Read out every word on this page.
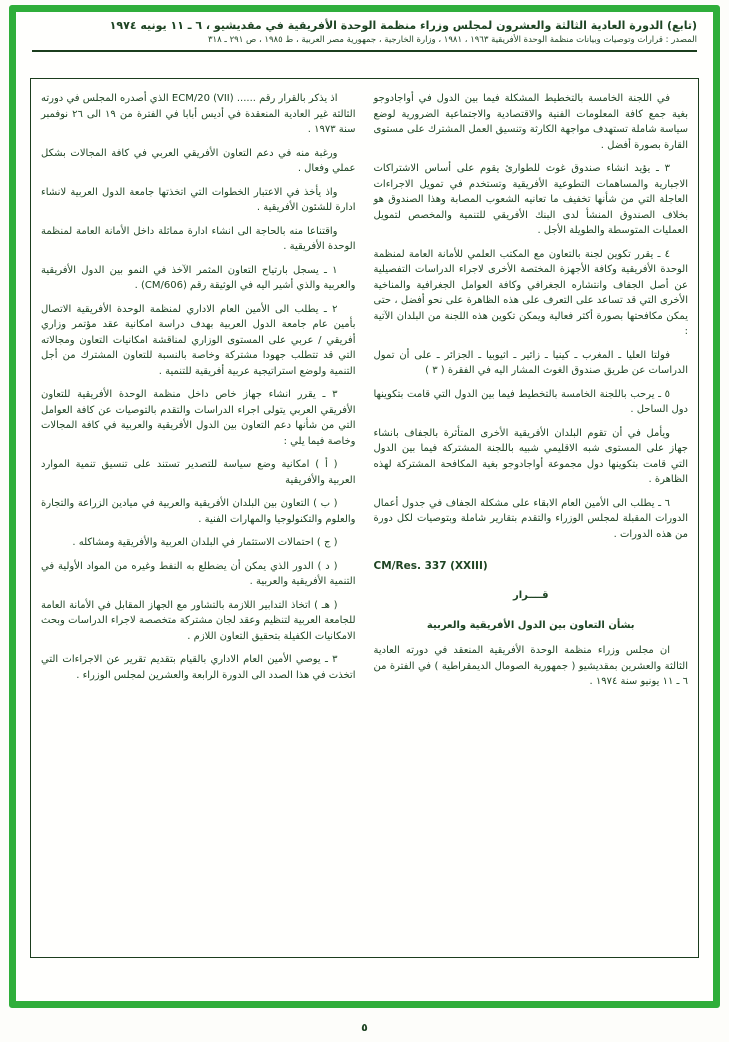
(تابع) الدورة العادية الثالثة والعشرون لمجلس وزراء منظمة الوحدة الأفريقية في مقديشيو ، ٦ ـ ١١ يونيه ١٩٧٤
المصدر : قرارات وتوصيات وبيانات منظمة الوحدة الأفريقية ١٩٦٣ ، ١٩٨١ ، وزارة الخارجية ، جمهورية مصر العربية ، ط ١٩٨٥ ، ص ٢٩١ ـ ٣١٨

في اللجنة الخامسة بالتخطيط المشكلة فيما بين الدول في أواجادوجو بغية جمع كافة المعلومات الفنية والاقتصادية والاجتماعية الضرورية لوضع سياسة شاملة تستهدف مواجهة الكارثة وتنسيق العمل المشترك على مستوى القارة بصورة أفضل .

٣ ـ يؤيد انشاء صندوق غوث للطوارئ يقوم على أساس الاشتراكات الاجبارية والمساهمات التطوعية الأفريقية وتستخدم في تمويل الاجراءات العاجلة التي من شأنها تخفيف ما تعانيه الشعوب المصابة وهذا الصندوق هو بخلاف الصندوق المنشأ لدى البنك الأفريقي للتنمية والمخصص لتمويل العمليات المتوسطة والطويلة الأجل .

٤ ـ يقرر تكوين لجنة بالتعاون مع المكتب العلمي للأمانة العامة لمنظمة الوحدة الأفريقية وكافة الأجهزة المختصة الأخرى لاجراء الدراسات التفصيلية عن أصل الجفاف وانتشاره الجغرافي وكافة العوامل الجغرافية والمناخية الأخرى التي قد تساعد على التعرف على هذه الظاهرة على نحو أفضل ، حتى يمكن مكافحتها بصورة أكثر فعالية ويمكن تكوين هذه اللجنة من البلدان الآتية :

فولتا العليا ـ المغرب ـ كينيا ـ زائير ـ اثيوبيا ـ الجزائر ـ على أن تمول الدراسات عن طريق صندوق الغوث المشار اليه في الفقرة ( ٣ )

٥ ـ يرحب باللجنة الخامسة بالتخطيط فيما بين الدول التي قامت بتكوينها دول الساحل .

ويأمل في أن تقوم البلدان الأفريقية الأخرى المتأثرة بالجفاف بانشاء جهاز على المستوى شبه الاقليمي شبيه باللجنة المشتركة فيما بين الدول التي قامت بتكوينها دول مجموعة أواجادوجو بغية المكافحة المشتركة لهذه الظاهرة .

٦ ـ يطلب الى الأمين العام الابقاء على مشكلة الجفاف في جدول أعمال الدورات المقبلة لمجلس الوزراء والتقدم بتقارير شاملة وبتوصيات لكل دورة من هذه الدورات .

CM/Res. 337 (XXIII)

قــــرار

بشأن التعاون بين الدول الأفريقية والعربية

ان مجلس وزراء منظمة الوحدة الأفريقية المنعقد في دورته العادية الثالثة والعشرين بمقديشيو ( جمهورية الصومال الديمقراطية ) في الفترة من ٦ ـ ١١ يونيو سنة ١٩٧٤ .

اذ يذكر بالقرار رقم ...... (ECM/20 (VII الذي أصدره المجلس في دورته الثالثة غير العادية المنعقدة في أديس أبابا في الفترة من ١٩ الى ٢٦ نوفمبر سنة ١٩٧٣ .

ورغبة منه في دعم التعاون الأفريقي العربي في كافة المجالات بشكل عملي وفعال .

واذ يأخذ في الاعتبار الخطوات التي اتخذتها جامعة الدول العربية لانشاء ادارة للشئون الأفريقية .

واقتناعا منه بالحاجة الى انشاء ادارة مماثلة داخل الأمانة العامة لمنظمة الوحدة الأفريقية .

١ ـ يسجل بارتياح التعاون المثمر الآخذ في النمو بين الدول الأفريقية والعربية والذي أشير اليه في الوثيقة رقم (CM/606) .

٢ ـ يطلب الى الأمين العام الاداري لمنظمة الوحدة الأفريقية الاتصال بأمين عام جامعة الدول العربية بهدف دراسة امكانية عقد مؤتمر وزاري أفريقي / عربي على المستوى الوزاري لمناقشة امكانيات التعاون ومجالاته التي قد تتطلب جهودا مشتركة وخاصة بالنسبة للتعاون المشترك من أجل التنمية ولوضع استراتيجية عربية أفريقية للتنمية .

٣ ـ يقرر انشاء جهاز خاص داخل منظمة الوحدة الأفريقية للتعاون الأفريقي العربي يتولى اجراء الدراسات والتقدم بالتوصيات عن كافة العوامل التي من شأنها دعم التعاون بين الدول الأفريقية والعربية في كافة المجالات وخاصة فيما يلي :

( أ ) امكانية وضع سياسة للتصدير تستند على تنسيق تنمية الموارد العربية والأفريقية

( ب ) التعاون بين البلدان الأفريقية والعربية في ميادين الزراعة والتجارة والعلوم والتكنولوجيا والمهارات الفنية .

( ج ) احتمالات الاستثمار في البلدان العربية والأفريقية ومشاكله .

( د ) الدور الذي يمكن أن يضطلع به النفط وغيره من المواد الأولية في التنمية الأفريقية والعربية .

( هـ ) اتخاذ التدابير اللازمة بالتشاور مع الجهاز المقابل في الأمانة العامة للجامعة العربية لتنظيم وعقد لجان مشتركة متخصصة لاجراء الدراسات وبحث الامكانيات الكفيلة بتحقيق التعاون اللازم .

٣ ـ يوصي الأمين العام الاداري بالقيام بتقديم تقرير عن الاجراءات التي اتخذت في هذا الصدد الى الدورة الرابعة والعشرين لمجلس الوزراء .

٥
